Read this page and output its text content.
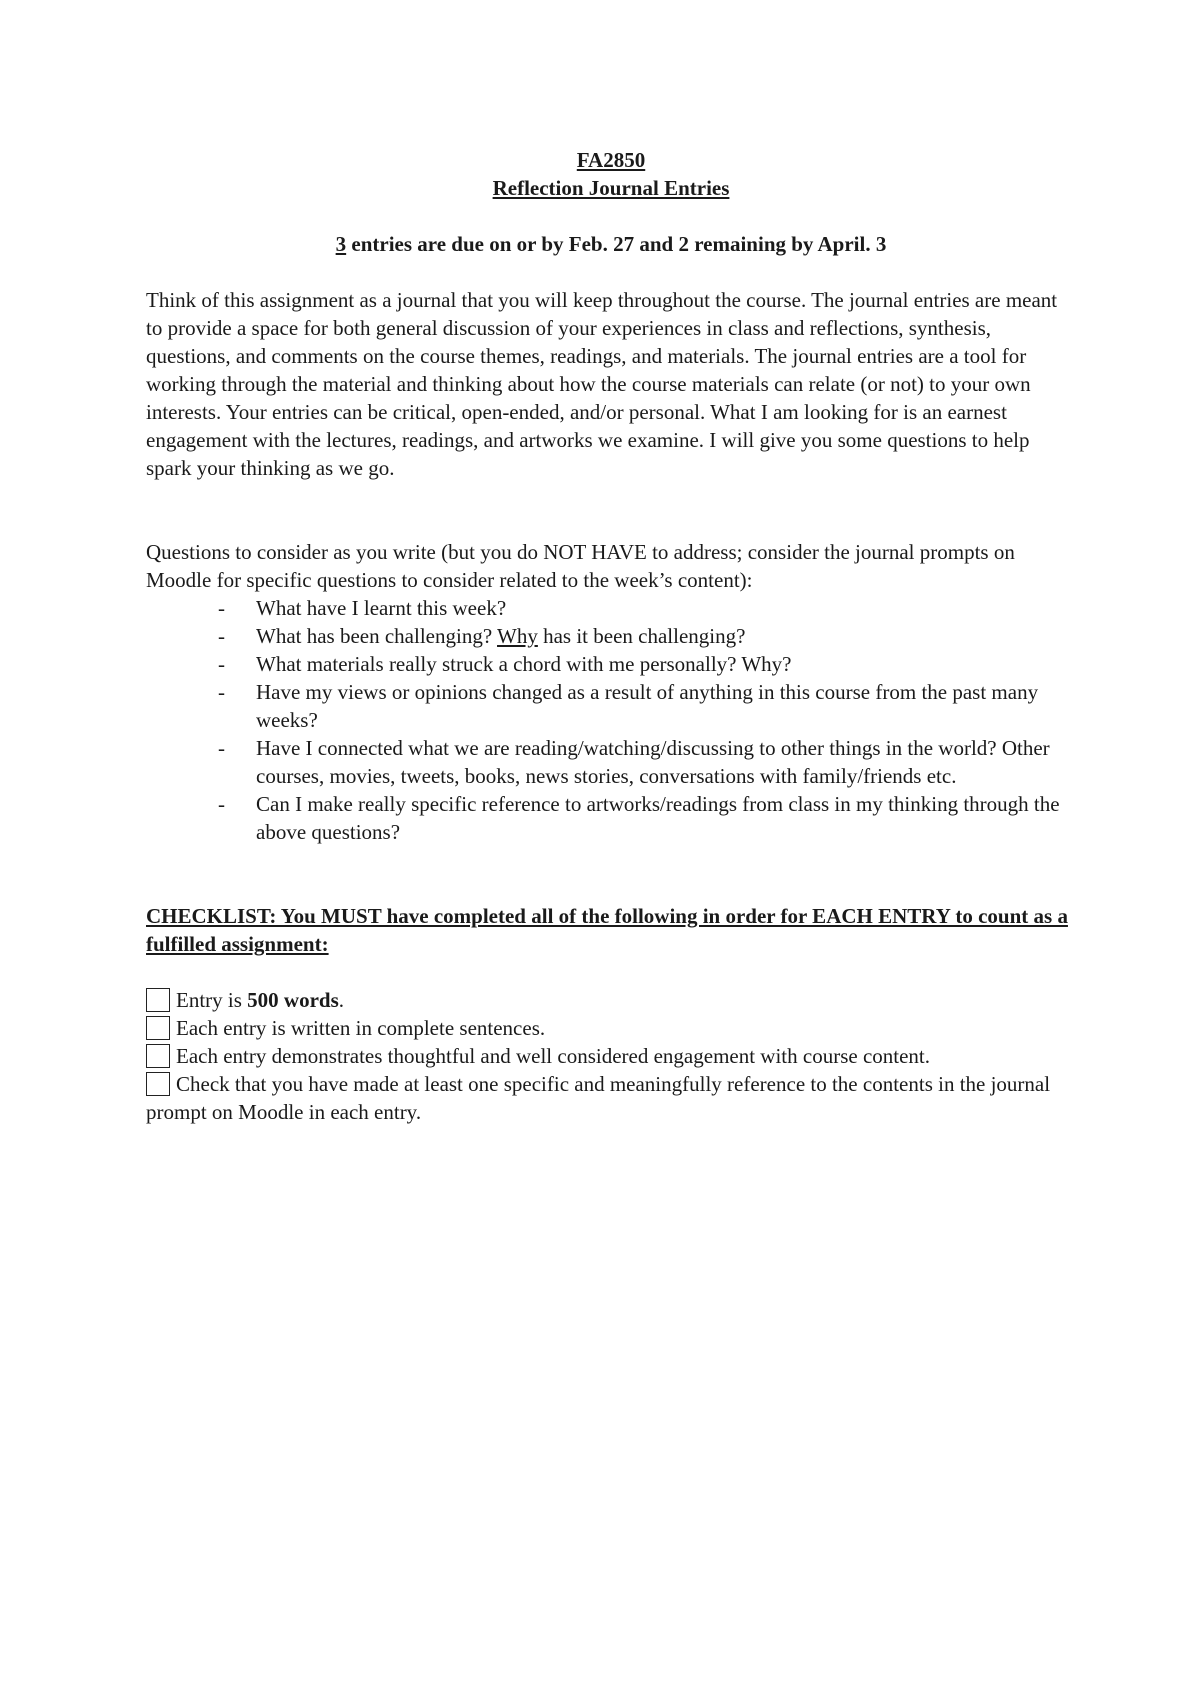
FA2850

Reflection Journal Entries

3 entries are due on or by Feb. 27 and 2 remaining by April. 3

Think of this assignment as a journal that you will keep throughout the course. The journal entries are meant to provide a space for both general discussion of your experiences in class and reflections, synthesis, questions, and comments on the course themes, readings, and materials. The journal entries are a tool for working through the material and thinking about how the course materials can relate (or not) to your own interests. Your entries can be critical, open-ended, and/or personal. What I am looking for is an earnest engagement with the lectures, readings, and artworks we examine. I will give you some questions to help spark your thinking as we go.

Questions to consider as you write (but you do NOT HAVE to address; consider the journal prompts on Moodle for specific questions to consider related to the week’s content):

- What have I learnt this week?
- What has been challenging? Why has it been challenging?
- What materials really struck a chord with me personally? Why?
- Have my views or opinions changed as a result of anything in this course from the past many weeks?
- Have I connected what we are reading/watching/discussing to other things in the world? Other courses, movies, tweets, books, news stories, conversations with family/friends etc.
- Can I make really specific reference to artworks/readings from class in my thinking through the above questions?

CHECKLIST: You MUST have completed all of the following in order for EACH ENTRY to count as a fulfilled assignment:

Entry is 500 words.
Each entry is written in complete sentences.
Each entry demonstrates thoughtful and well considered engagement with course content.
Check that you have made at least one specific and meaningfully reference to the contents in the journal prompt on Moodle in each entry.
